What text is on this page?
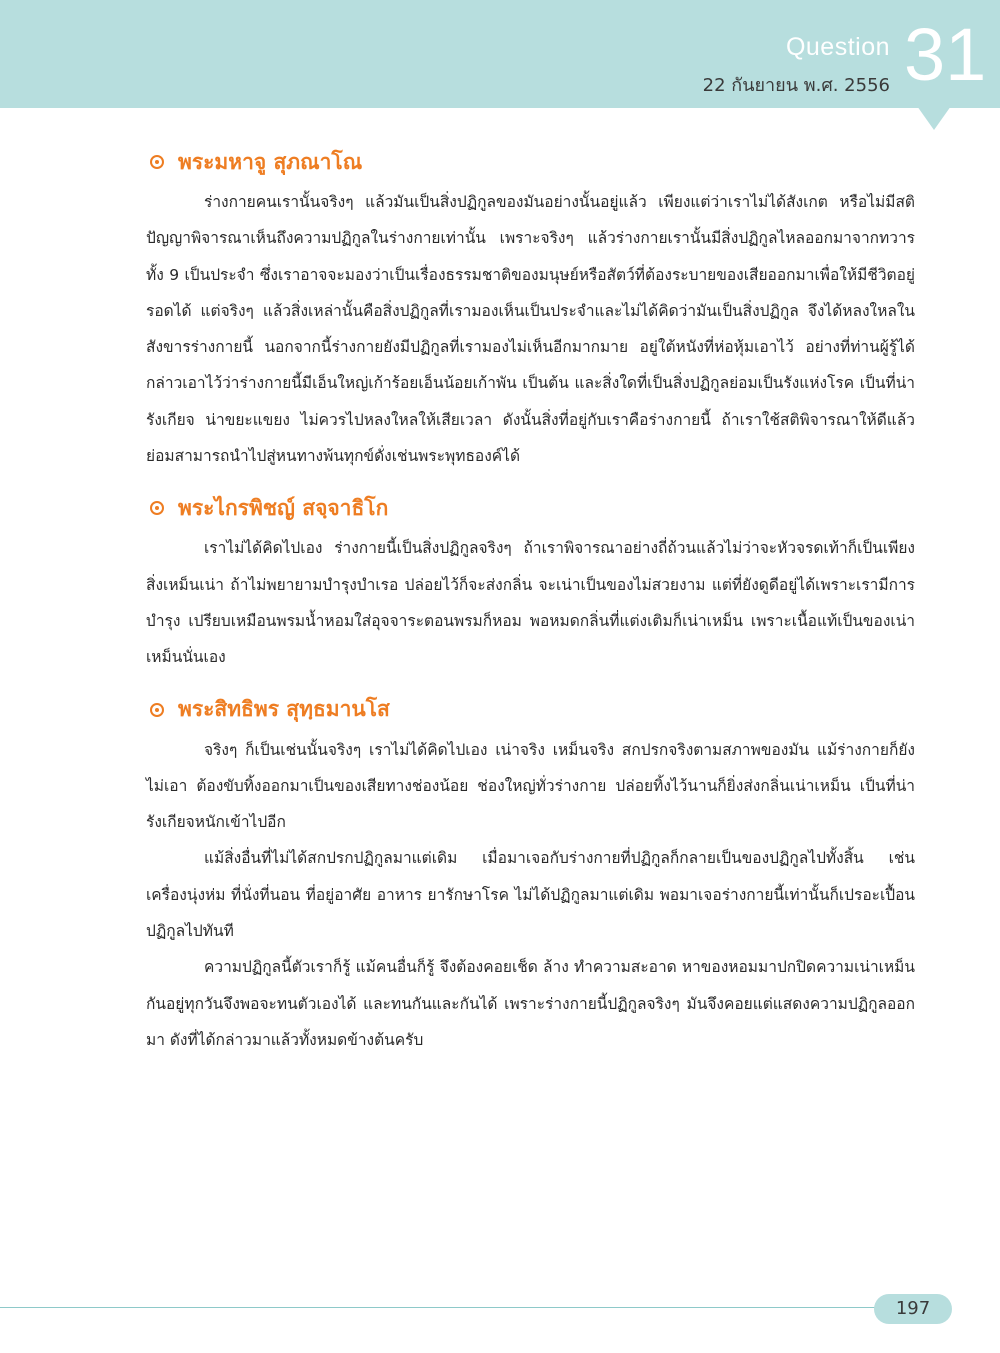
Question
22 กันยายน พ.ศ. 2556 31
พระมหาจู สุภณาโณ

ร่างกายคนเรานั้นจริงๆ แล้วมันเป็นสิ่งปฏิกูลของมันอย่างนั้นอยู่แล้ว เพียงแต่ว่าเราไม่ได้สังเกต หรือไม่มีสติปัญญาพิจารณาเห็นถึงความปฏิกูลในร่างกายเท่านั้น เพราะจริงๆ แล้วร่างกายเรานั้นมีสิ่งปฏิกูลไหลออกมาจากทวารทั้ง 9 เป็นประจำ ซึ่งเราอาจจะมองว่าเป็นเรื่องธรรมชาติของมนุษย์หรือสัตว์ที่ต้องระบายของเสียออกมาเพื่อให้มีชีวิตอยู่รอดได้ แต่จริงๆ แล้วสิ่งเหล่านั้นคือสิ่งปฏิกูลที่เรามองเห็นเป็นประจำและไม่ได้คิดว่ามันเป็นสิ่งปฏิกูล จึงได้หลงใหลในสังขารร่างกายนี้ นอกจากนี้ร่างกายยังมีปฏิกูลที่เรามองไม่เห็นอีกมากมาย อยู่ใต้หนังที่ห่อหุ้มเอาไว้ อย่างที่ท่านผู้รู้ได้กล่าวเอาไว้ว่าร่างกายนี้มีเอ็นใหญ่เก้าร้อยเอ็นน้อยเก้าพัน เป็นต้น และสิ่งใดที่เป็นสิ่งปฏิกูลย่อมเป็นรังแห่งโรค เป็นที่น่ารังเกียจ น่าขยะแขยง ไม่ควรไปหลงใหลให้เสียเวลา ดังนั้นสิ่งที่อยู่กับเราคือร่างกายนี้ ถ้าเราใช้สติพิจารณาให้ดีแล้ว ย่อมสามารถนำไปสู่หนทางพ้นทุกข์ดั่งเช่นพระพุทธองค์ได้

พระไกรพิชญ์ สจฺจาธิโก

เราไม่ได้คิดไปเอง ร่างกายนี้เป็นสิ่งปฏิกูลจริงๆ ถ้าเราพิจารณาอย่างถี่ถ้วนแล้วไม่ว่าจะหัวจรดเท้าก็เป็นเพียงสิ่งเหม็นเน่า ถ้าไม่พยายามบำรุงบำเรอ ปล่อยไว้ก็จะส่งกลิ่น จะเน่าเป็นของไม่สวยงาม แต่ที่ยังดูดีอยู่ได้เพราะเรามีการบำรุง เปรียบเหมือนพรมน้ำหอมใส่อุจจาระตอนพรมก็หอม พอหมดกลิ่นที่แต่งเติมก็เน่าเหม็น เพราะเนื้อแท้เป็นของเน่าเหม็นนั่นเอง

พระสิทธิพร สุทฺธมานโส

จริงๆ ก็เป็นเช่นนั้นจริงๆ เราไม่ได้คิดไปเอง เน่าจริง เหม็นจริง สกปรกจริงตามสภาพของมัน แม้ร่างกายก็ยังไม่เอา ต้องขับทิ้งออกมาเป็นของเสียทางช่องน้อย ช่องใหญ่ทั่วร่างกาย ปล่อยทิ้งไว้นานก็ยิ่งส่งกลิ่นเน่าเหม็น เป็นที่น่ารังเกียจหนักเข้าไปอีก

แม้สิ่งอื่นที่ไม่ได้สกปรกปฏิกูลมาแต่เดิม เมื่อมาเจอกับร่างกายที่ปฏิกูลก็กลายเป็นของปฏิกูลไปทั้งสิ้น เช่น เครื่องนุ่งห่ม ที่นั่งที่นอน ที่อยู่อาศัย อาหาร ยารักษาโรค ไม่ได้ปฏิกูลมาแต่เดิม พอมาเจอร่างกายนี้เท่านั้นก็เปรอะเปื้อนปฏิกูลไปทันที

ความปฏิกูลนี้ตัวเราก็รู้ แม้คนอื่นก็รู้ จึงต้องคอยเช็ด ล้าง ทำความสะอาด หาของหอมมาปกปิดความเน่าเหม็นกันอยู่ทุกวันจึงพอจะทนตัวเองได้ และทนกันและกันได้ เพราะร่างกายนี้ปฏิกูลจริงๆ มันจึงคอยแต่แสดงความปฏิกูลออกมา ดังที่ได้กล่าวมาแล้วทั้งหมดข้างต้นครับ

197
